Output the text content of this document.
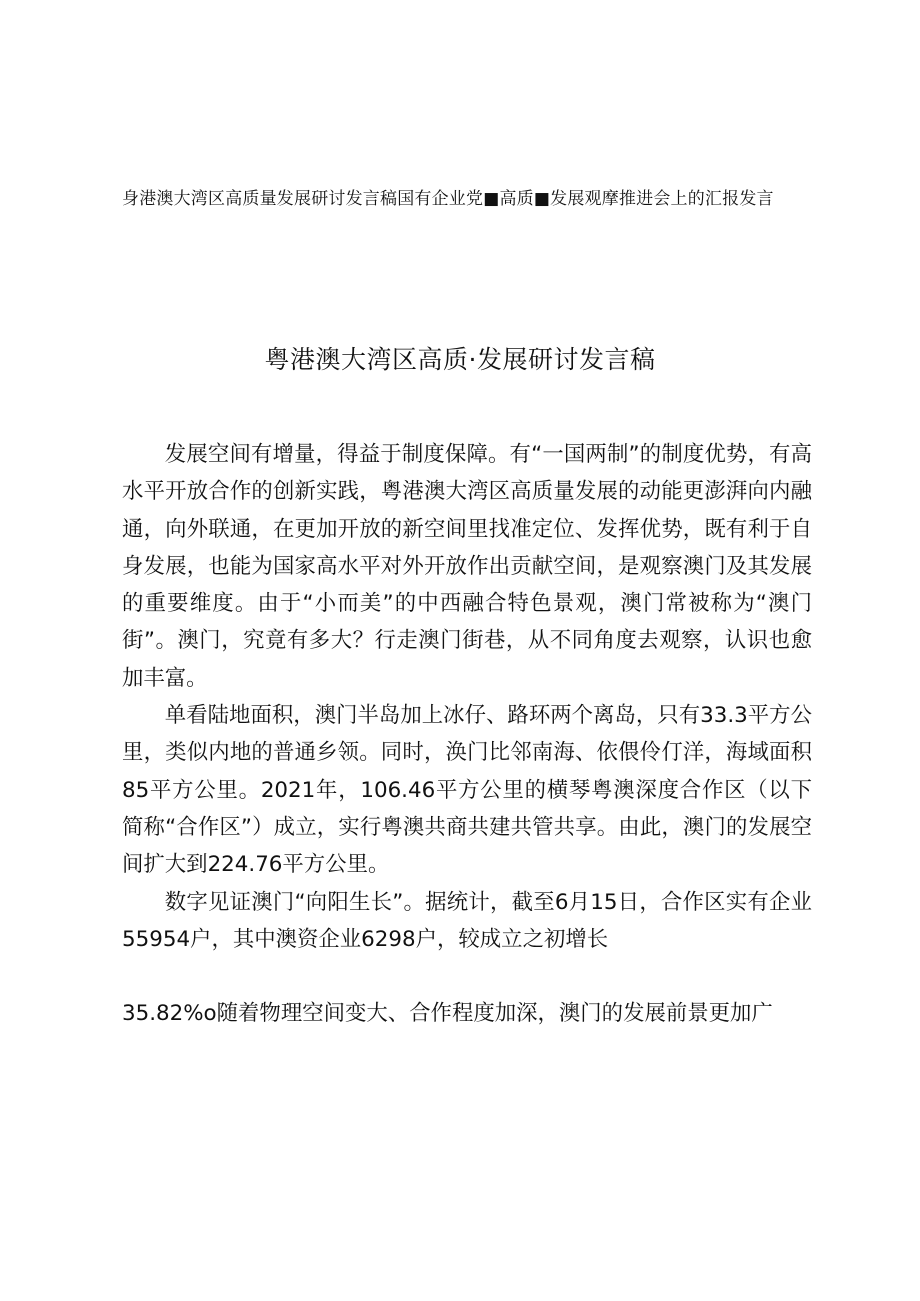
身港澳大湾区高质量发展研讨发言稿国有企业党■高质■发展观摩推进会上的汇报发言
粤港澳大湾区高质·发展研讨发言稿

发展空间有增量，得益于制度保障。有“一国两制”的制度优势，有高水平开放合作的创新实践，粤港澳大湾区高质量发展的动能更澎湃向内融通，向外联通，在更加开放的新空间里找准定位、发挥优势，既有利于自身发展，也能为国家高水平对外开放作出贡献空间，是观察澳门及其发展的重要维度。由于“小而美”的中西融合特色景观，澳门常被称为“澳门街”。澳门，究竟有多大？行走澳门街巷，从不同角度去观察，认识也愈加丰富。

单看陆地面积，澳门半岛加上冰仔、路环两个离岛，只有33.3平方公里，类似内地的普通乡领。同时，涣门比邻南海、依偎伶仃洋，海域面积85平方公里。2021年，106.46平方公里的横琴粤澳深度合作区（以下简称“合作区”）成立，实行粤澳共商共建共管共享。由此，澳门的发展空间扩大到224.76平方公里。

数字见证澳门“向阳生长”。据统计，截至6月15日，合作区实有企业55954户，其中澳资企业6298户，较成立之初增长

35.82%o随着物理空间变大、合作程度加深，澳门的发展前景更加广
